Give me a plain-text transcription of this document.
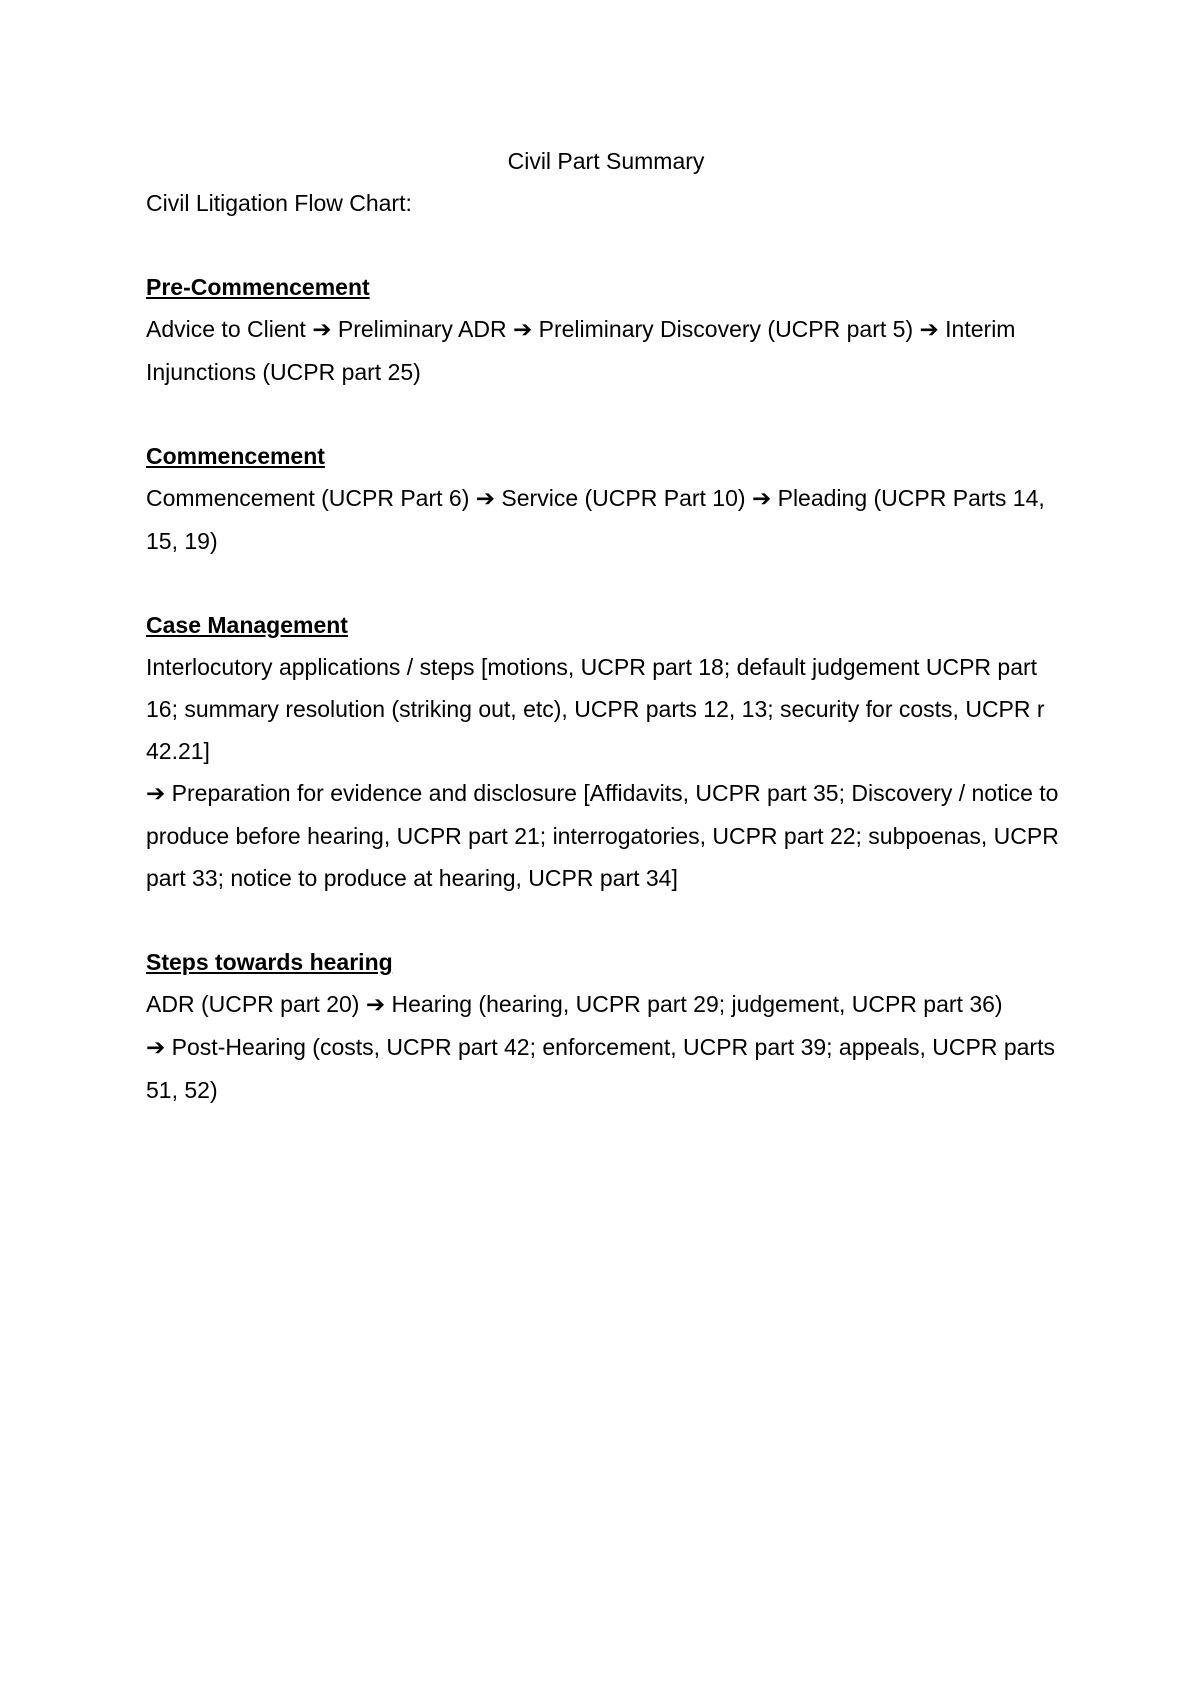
Civil Part Summary

Civil Litigation Flow Chart:

Pre-Commencement

Advice to Client ➔ Preliminary ADR ➔ Preliminary Discovery (UCPR part 5) ➔ Interim Injunctions (UCPR part 25)

Commencement

Commencement (UCPR Part 6) ➔ Service (UCPR Part 10) ➔ Pleading (UCPR Parts 14, 15, 19)

Case Management

Interlocutory applications / steps [motions, UCPR part 18; default judgement UCPR part 16; summary resolution (striking out, etc), UCPR parts 12, 13; security for costs, UCPR r 42.21]

➔ Preparation for evidence and disclosure [Affidavits, UCPR part 35; Discovery / notice to produce before hearing, UCPR part 21; interrogatories, UCPR part 22; subpoenas, UCPR part 33; notice to produce at hearing, UCPR part 34]

Steps towards hearing

ADR (UCPR part 20) ➔ Hearing (hearing, UCPR part 29; judgement, UCPR part 36)

➔ Post-Hearing (costs, UCPR part 42; enforcement, UCPR part 39; appeals, UCPR parts 51, 52)
